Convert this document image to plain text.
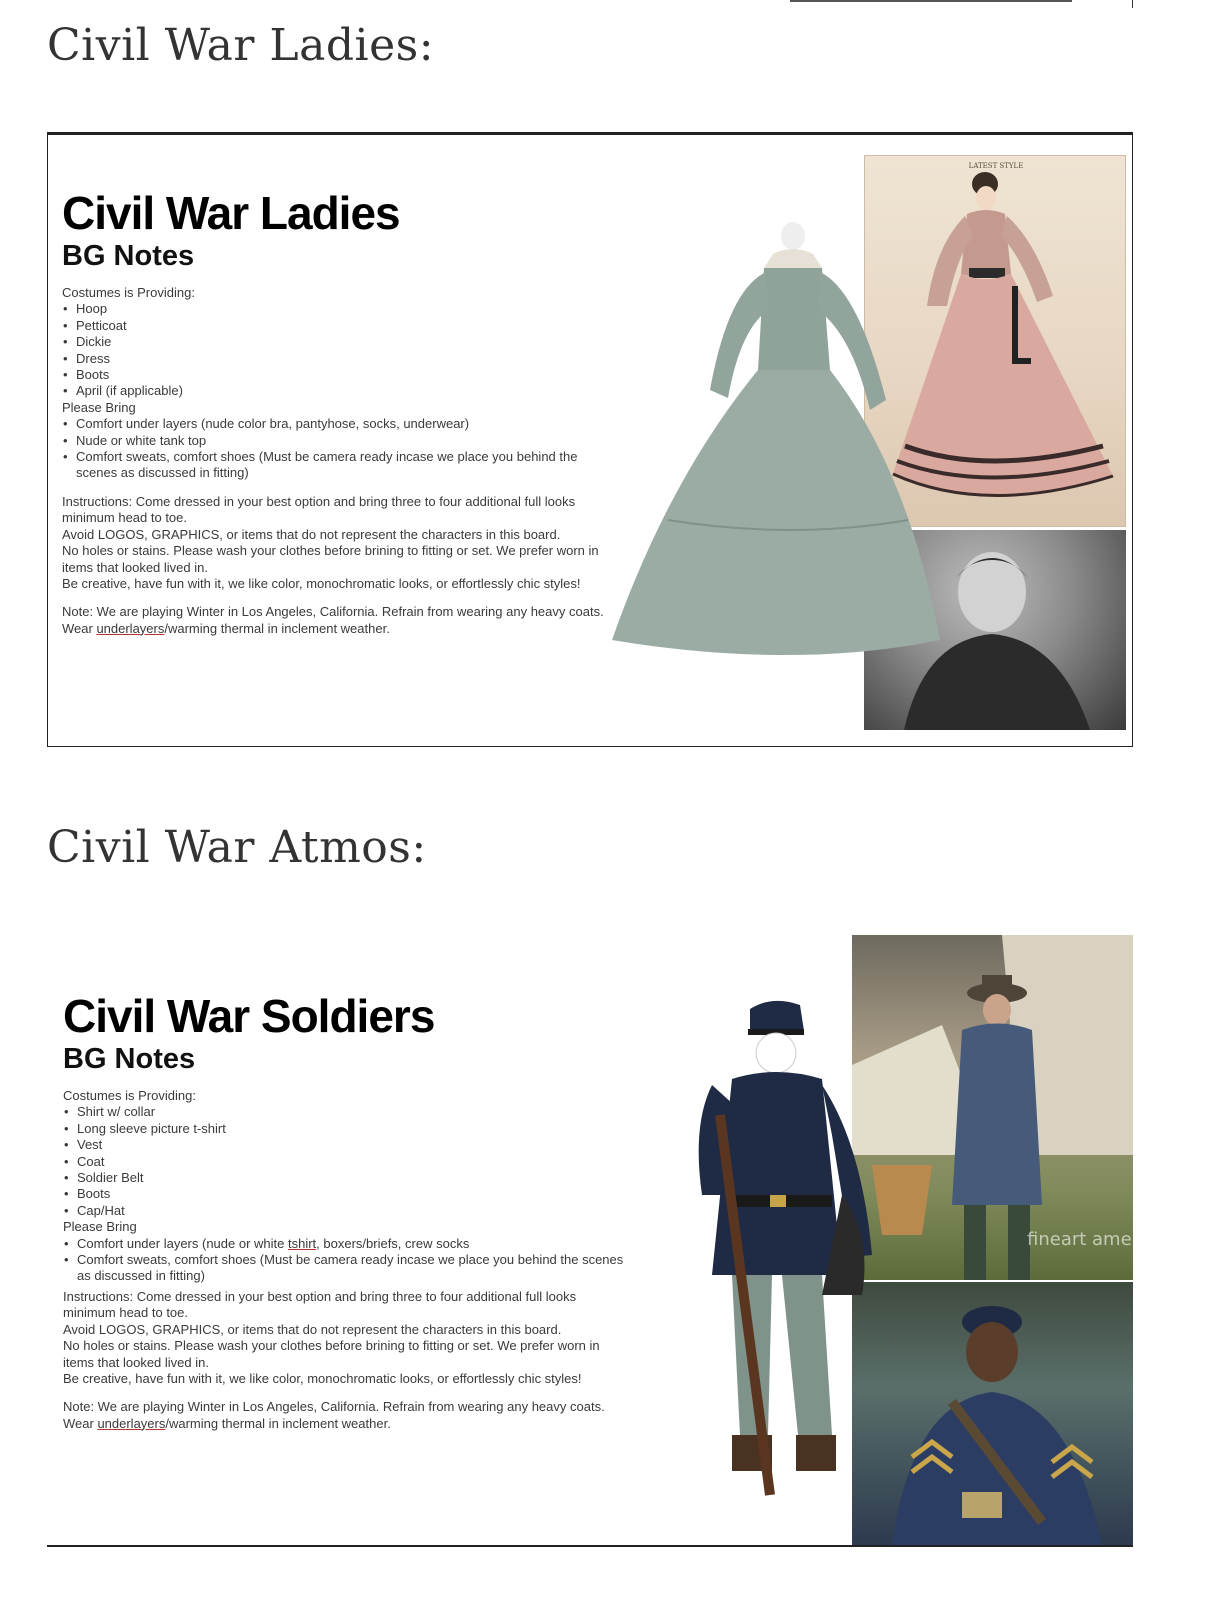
Civil War Ladies:
Civil War Ladies
BG Notes
Costumes is Providing:
• Hoop
• Petticoat
• Dickie
• Dress
• Boots
• April (if applicable)
Please Bring
• Comfort under layers (nude color bra, pantyhose, socks, underwear)
• Nude or white tank top
• Comfort sweats, comfort shoes (Must be camera ready incase we place you behind the scenes as discussed in fitting)
Instructions: Come dressed in your best option and bring three to four additional full looks minimum head to toe.
Avoid LOGOS, GRAPHICS, or items that do not represent the characters in this board.
No holes or stains. Please wash your clothes before brining to fitting or set. We prefer worn in items that looked lived in.
Be creative, have fun with it, we like color, monochromatic looks, or effortlessly chic styles!
Note: We are playing Winter in Los Angeles, California. Refrain from wearing any heavy coats. Wear underlayers/warming thermal in inclement weather.
LATEST STYLE
Civil War Atmos:
Civil War Soldiers
BG Notes
Costumes is Providing:
• Shirt w/ collar
• Long sleeve picture t-shirt
• Vest
• Coat
• Soldier Belt
• Boots
• Cap/Hat
Please Bring
• Comfort under layers (nude or white tshirt, boxers/briefs, crew socks
• Comfort sweats, comfort shoes (Must be camera ready incase we place you behind the scenes as discussed in fitting)
Instructions: Come dressed in your best option and bring three to four additional full looks minimum head to toe.
Avoid LOGOS, GRAPHICS, or items that do not represent the characters in this board.
No holes or stains. Please wash your clothes before brining to fitting or set. We prefer worn in items that looked lived in.
Be creative, have fun with it, we like color, monochromatic looks, or effortlessly chic styles!
Note: We are playing Winter in Los Angeles, California. Refrain from wearing any heavy coats. Wear underlayers/warming thermal in inclement weather.
fineart america
